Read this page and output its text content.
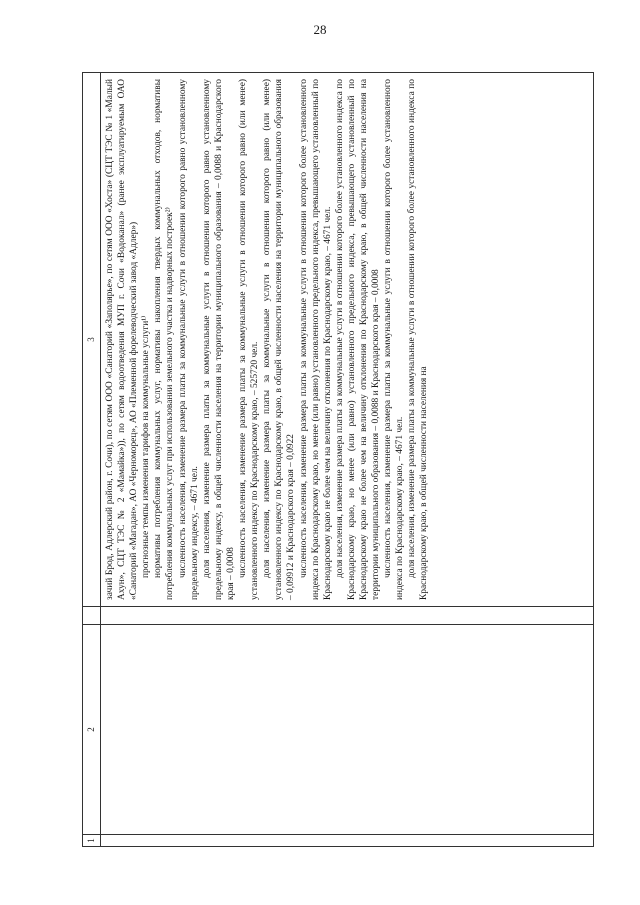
28
1
2
3 зачий Брод, Адлерский район, г. Сочи), по сетям ООО «Санаторий «Заполярье», по сетям ООО «Хоста» (СЦТ ТЭС № 1 «Малый Ахун», СЦТ ТЭС № 2 «Мамайка»)), по сетям водоотведения МУП г. Сочи «Водоканал» (ранее эксплуатируемым ОАО «Санаторий «Магадан», АО «Черноморец», АО «Племенной форелеводческий завод «Адлер») прогнозные темпы изменения тарифов на коммунальные услуги¹⁾ нормативы потребления коммунальных услуг, нормативы накопления твердых коммунальных отходов, нормативы потребления коммунальных услуг при использовании земельного участка и надворных построек²⁾ численность населения, изменение размера платы за коммунальные услуги в отношении которого равно установленному предельному индексу, – 4671 чел. доля населения, изменение размера платы за коммунальные услуги в отношении которого равно установленному предельному индексу, в общей численности населения на территории муниципального образования – 0,0088 и Краснодарского края – 0,0008 численность населения, изменение размера платы за коммунальные услуги в отношении которого равно (или менее) установленного индексу по Краснодарскому краю, – 525720 чел. доля населения, изменение размера платы за коммунальные услуги в отношении которого равно (или менее) установленного индексу по Краснодарскому краю, в общей численности населения на территории муниципального образования – 0,09912 и Краснодарского края – 0,0922 численность населения, изменение размера платы за коммунальные услуги в отношении которого более установленного индекса по Краснодарскому краю, но менее (или равно) установленного предельного индекса, превышающего установленный по Краснодарскому краю не более чем на величину отклонения по Краснодарскому краю, – 4671 чел. доля населения, изменение размера платы за коммунальные услуги в отношении которого более установленного индекса по Краснодарскому краю, но менее (или равно) установленного предельного индекса, превышающего установленный по Краснодарскому краю не более чем на величину отклонения по Краснодарскому краю, в общей численности населения на территории муниципального образования – 0,0088 и Краснодарского края – 0,0008 численность населения, изменение размера платы за коммунальные услуги в отношении которого более установленного индекса по Краснодарскому краю, – 4671 чел. доля населения, изменение размера платы за коммунальные услуги в отношении которого более установленного индекса по Краснодарскому краю, в общей численности населения на
